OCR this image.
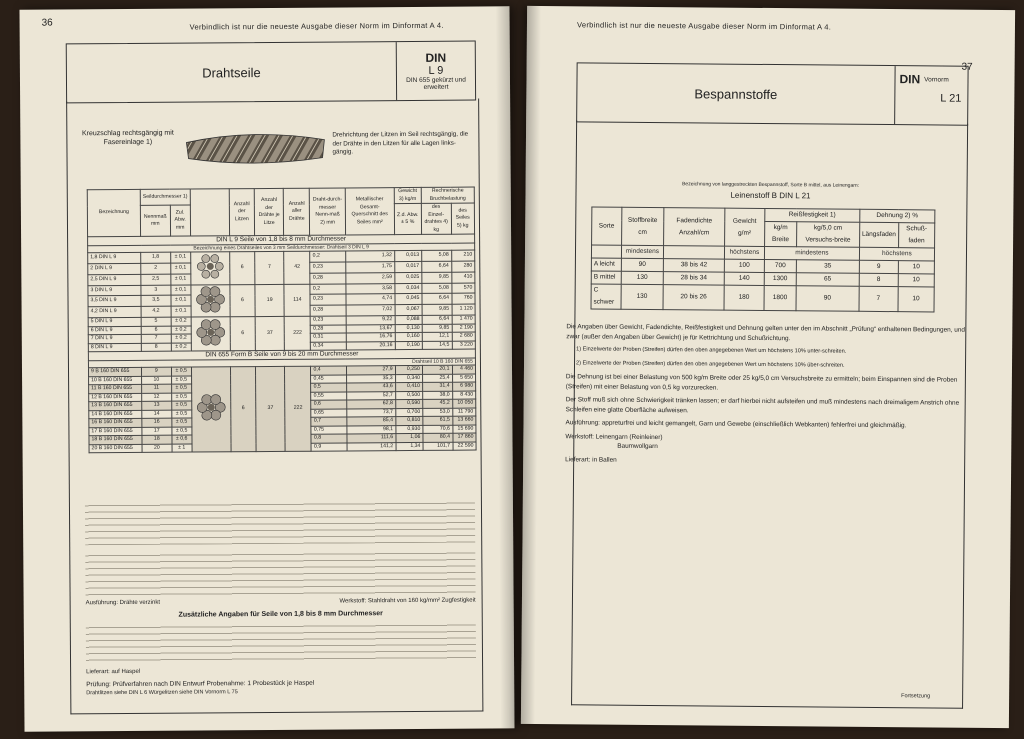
36	Verbindlich ist nur die neueste Ausgabe dieser Norm im Dinformat A 4.
Drahtseile
DIN
L 9
DIN 655 gekürzt und erweitert
Kreuzschlag rechtsgängig mit Fasereinlage 1)
Drehrichtung der Litzen im Seil rechtsgängig, die der Drähte in den Litzen für alle Lagen links-gängig.
Bezeichnung	Seildurchmesser 1)			Anzahl der Litzen	Anzahl der Drähte je Litze	Anzahl aller Drähte	Draht-durch-messer Nenn-maß 2) mm	Metallischer Gesamt-Querschnitt des Seiles mm²	Gewicht 3) kg/m	Rechnerische Bruchbelastung	
	Nennmaß mm	Zul. Abw. mm							Z.d. Abw. ± 5 %	des Einzel-drahtes 4) kg	des Seiles 5) kg
DIN L 9 Seile von 1,8 bis 8 mm Durchmesser											
Bezeichnung eines Drahtseiles von 3 mm Seildurchmesser: Drahtseil 3 DIN L 9											
1,8 DIN L 9	1,8	± 0,1		6	7	42	0,2	1,32	0,013	5,08	210
2 DIN L 9	2	± 0,1					0,23	1,75	0,017	6,64	280
2,5 DIN L 9	2,5	± 0,1					0,28	2,59	0,025	9,85	410
3 DIN L 9	3	± 0,1		6	19	114	0,2	3,58	0,034	5,08	570
3,5 DIN L 9	3,5	± 0,1					0,23	4,74	0,045	6,64	760
4,2 DIN L 9	4,2	± 0,1					0,28	7,02	0,067	9,85	1 120
5 DIN L 9	5	± 0,2		6	37	222	0,23	9,22	0,088	6,64	1 470
6 DIN L 9	6	± 0,2					0,28	13,67	0,130	9,85	2 190
7 DIN L 9	7	± 0,2					0,31	16,76	0,160	12,1	2 680
8 DIN L 9	8	± 0,2					0,34	20,16	0,190	14,5	3 220
DIN 655 Form B Seile von 9 bis 20 mm Durchmesser											
Drahtseil 10 B 160 DIN 655											
9 B 160 DIN 655	9	± 0,5		6	37	222	0,4	27,9	0,250	20,1	4 460
10 B 160 DIN 655	10	± 0,5					0,45	35,3	0,340	25,4	5 650
11 B 160 DIN 655	11	± 0,5					0,5	43,6	0,410	31,4	6 980
12 B 160 DIN 655	12	± 0,5					0,55	52,7	0,500	38,0	8 430
13 B 160 DIN 655	13	± 0,5					0,6	62,8	0,590	45,2	10 050
14 B 160 DIN 655	14	± 0,5					0,65	73,7	0,700	53,0	11 790
16 B 160 DIN 655	16	± 0,5					0,7	85,4	0,810	61,5	13 660
17 B 160 DIN 655	17	± 0,5					0,75	98,1	0,930	70,6	15 690
18 B 160 DIN 655	18	± 0,6					0,8	111,6	1,06	80,4	17 860
20 B 160 DIN 655	20	± 1					0,9	141,2	1,34	101,7	22 590
Ausführung: Drähte verzinkt	Werkstoff: Stahldraht von 160 kg/mm² Zugfestigkeit
Zusätzliche Angaben für Seile von 1,8 bis 8 mm Durchmesser
Lieferart: auf Haspel
Prüfung: Prüfverfahren nach DIN Entwurf Probenahme: 1 Probestück je Haspel
Drahtlitzen siehe DIN L 6 Würgelitzen siehe DIN Vornorm L 75
Verbindlich ist nur die neueste Ausgabe dieser Norm im Dinformat A 4.
37
Bespannstoffe
DIN Vornorm
L 21
Bezeichnung von langgestreckten Bespannstoff, Sorte B mittel, aus Leinengarn:
Leinenstoff B DIN L 21
Sorte	Stoffbreite cm	Fadendichte Anzahl/cm	Gewicht g/m²	Reißfestigkeit 1)		Dehnung 2) %	
				kg/m Breite	kg/5,0 cm Versuchs-breite	Längsfaden	Schuß-faden
	mindestens		höchstens	mindestens		höchstens	
A leicht	90	38 bis 42	100	700	35	9	10
B mittel	130	28 bis 34	140	1300	65	8	10
C schwer	130	20 bis 26	180	1800	90	7	10

Die Angaben über Gewicht, Fadendichte, Reißfestigkeit und Dehnung gelten unter den im Abschnitt „Prüfung“ enthaltenen Bedingungen, und zwar (außer den Angaben über Gewicht) je für Kettrichtung und Schußrichtung.

1) Einzelwerte der Proben (Streifen) dürfen den oben angegebenen Wert um höchstens 10% unter-schreiten.

2) Einzelwerte der Proben (Streifen) dürfen den oben angegebenen Wert um höchstens 10% über-schreiten.

Die Dehnung ist bei einer Belastung von 500 kg/m Breite oder 25 kg/5,0 cm Versuchsbreite zu ermitteln; beim Einspannen sind die Proben (Streifen) mit einer Belastung von 0,5 kg vorzurecken.

Der Stoff muß sich ohne Schwierigkeit tränken lassen; er darf hierbei nicht aufsteifen und muß mindestens nach dreimaligem Anstrich ohne Schleifen eine glatte Oberfläche aufweisen.

Ausführung: appreturfrei und leicht gemangelt, Garn und Gewebe (einschließlich Webkanten) fehlerfrei und gleichmäßig.

Werkstoff: Leinengarn (Reinleiner)

Baumwollgarn

Lieferart: in Ballen

Fortsetzung
